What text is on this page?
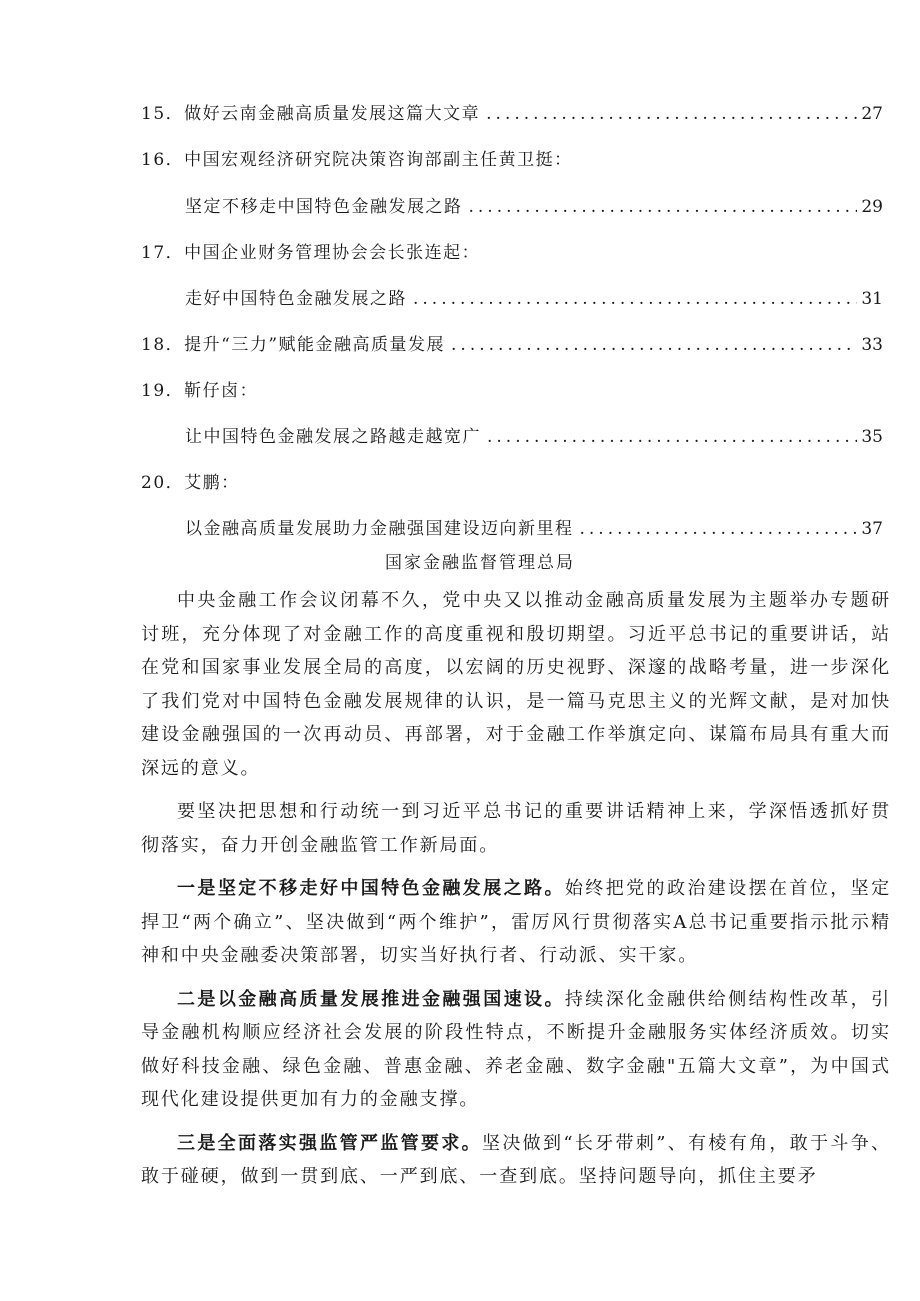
15 ．做好云南金融高质量发展这篇大文章 .....	27
16 ．中国宏观经济研究院决策咨询部副主任黄卫挺：
坚定不移走中国特色金融发展之路 .....	29
17 ．中国企业财务管理协会会长张连起：
走好中国特色金融发展之路 .....	31
18 ．提升“三力”赋能金融高质量发展 .....	33
19 ．靳仔卤：
让中国特色金融发展之路越走越宽广 .....	35
20 ．艾鹏：
以金融高质量发展助力金融强国建设迈向新里程 .....	37
国家金融监督管理总局

中央金融工作会议闭幕不久，党中央又以推动金融高质量发展为主题举办专题研讨班，充分体现了对金融工作的高度重视和殷切期望。习近平总书记的重要讲话，站在党和国家事业发展全局的高度，以宏阔的历史视野、深邃的战略考量，进一步深化了我们党对中国特色金融发展规律的认识，是一篇马克思主义的光辉文献，是对加快建设金融强国的一次再动员、再部署，对于金融工作举旗定向、谋篇布局具有重大而深远的意义。

要坚决把思想和行动统一到习近平总书记的重要讲话精神上来，学深悟透抓好贯彻落实，奋力开创金融监管工作新局面。

一是坚定不移走好中国特色金融发展之路。始终把党的政治建设摆在首位，坚定捍卫“两个确立”、坚决做到“两个维护”，雷厉风行贯彻落实A总书记重要指示批示精神和中央金融委决策部署，切实当好执行者、行动派、实干家。

二是以金融高质量发展推进金融强国速设。持续深化金融供给侧结构性改革，引导金融机构顺应经济社会发展的阶段性特点，不断提升金融服务实体经济质效。切实做好科技金融、绿色金融、普惠金融、养老金融、数字金融"五篇大文章”，为中国式现代化建设提供更加有力的金融支撑。

三是全面落实强监管严监管要求。坚决做到“长牙带刺”、有棱有角，敢于斗争、敢于碰硬，做到一贯到底、一严到底、一查到底。坚持问题导向，抓住主要矛
